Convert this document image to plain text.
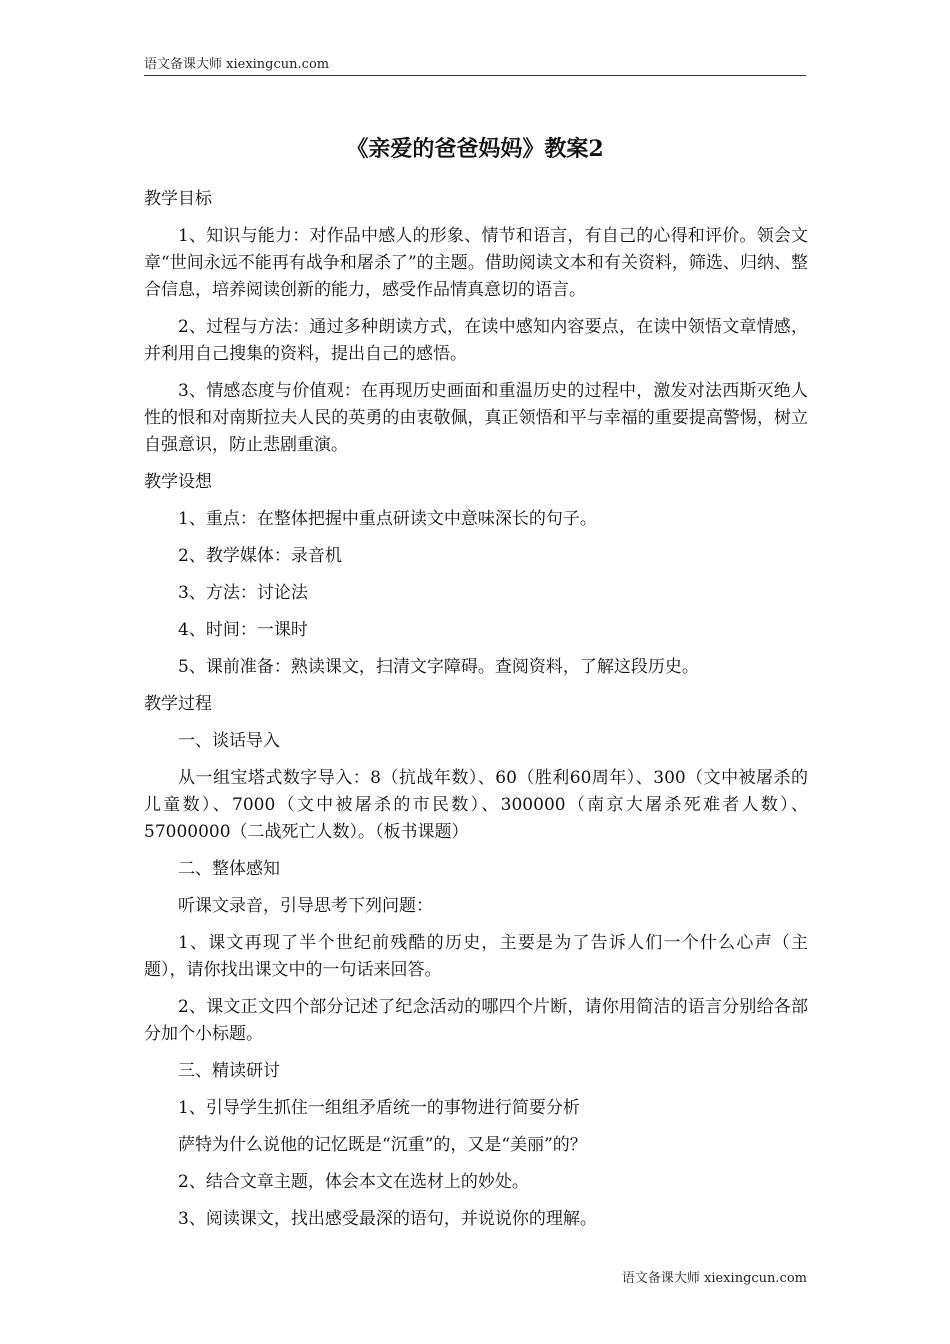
语文备课大师 xiexingcun.com
《亲爱的爸爸妈妈》教案2

教学目标

1、知识与能力：对作品中感人的形象、情节和语言，有自己的心得和评价。领会文章“世间永远不能再有战争和屠杀了”的主题。借助阅读文本和有关资料，筛选、归纳、整合信息，培养阅读创新的能力，感受作品情真意切的语言。

2、过程与方法：通过多种朗读方式，在读中感知内容要点，在读中领悟文章情感，并利用自己搜集的资料，提出自己的感悟。

3、情感态度与价值观：在再现历史画面和重温历史的过程中，激发对法西斯灭绝人性的恨和对南斯拉夫人民的英勇的由衷敬佩，真正领悟和平与幸福的重要提高警惕，树立自强意识，防止悲剧重演。

教学设想

1、重点：在整体把握中重点研读文中意味深长的句子。

2、教学媒体：录音机

3、方法：讨论法

4、时间：一课时

5、课前准备：熟读课文，扫清文字障碍。查阅资料，了解这段历史。

教学过程

一、谈话导入

从一组宝塔式数字导入：8（抗战年数）、60（胜利60周年）、300（文中被屠杀的儿童数）、7000（文中被屠杀的市民数）、300000（南京大屠杀死难者人数）、57000000（二战死亡人数）。（板书课题）

二、整体感知

听课文录音，引导思考下列问题：

1、课文再现了半个世纪前残酷的历史，主要是为了告诉人们一个什么心声（主题），请你找出课文中的一句话来回答。

2、课文正文四个部分记述了纪念活动的哪四个片断，请你用简洁的语言分别给各部分加个小标题。

三、精读研讨

1、引导学生抓住一组组矛盾统一的事物进行简要分析

萨特为什么说他的记忆既是“沉重”的，又是“美丽”的？

2、结合文章主题，体会本文在选材上的妙处。

3、阅读课文，找出感受最深的语句，并说说你的理解。

语文备课大师 xiexingcun.com
